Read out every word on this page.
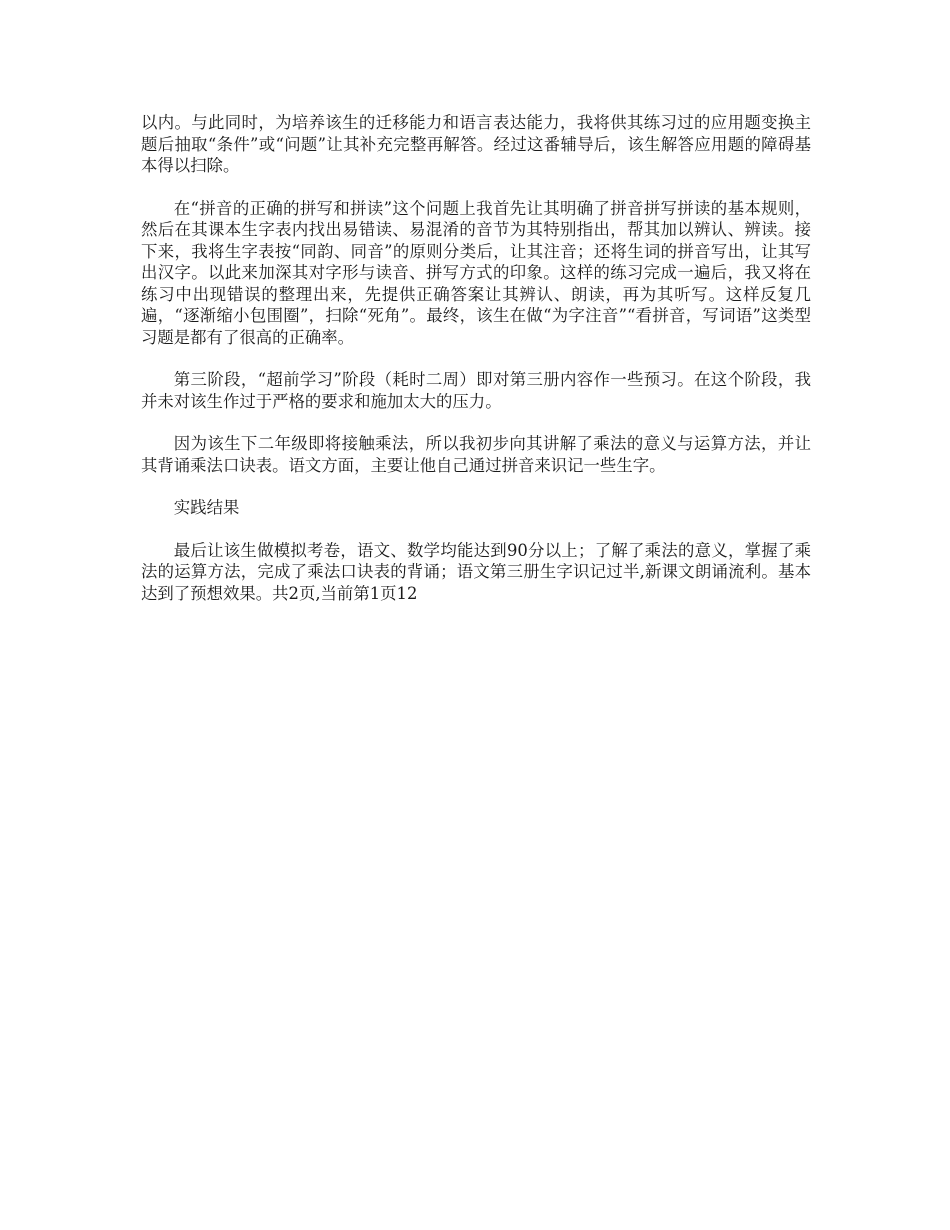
以内。与此同时，为培养该生的迁移能力和语言表达能力，我将供其练习过的应用题变换主题后抽取“条件”或“问题”让其补充完整再解答。经过这番辅导后，该生解答应用题的障碍基本得以扫除。

在“拼音的正确的拼写和拼读”这个问题上我首先让其明确了拼音拼写拼读的基本规则，然后在其课本生字表内找出易错读、易混淆的音节为其特别指出，帮其加以辨认、辨读。接下来，我将生字表按“同韵、同音”的原则分类后，让其注音；还将生词的拼音写出，让其写出汉字。以此来加深其对字形与读音、拼写方式的印象。这样的练习完成一遍后，我又将在练习中出现错误的整理出来，先提供正确答案让其辨认、朗读，再为其听写。这样反复几遍，“逐渐缩小包围圈”，扫除“死角”。最终，该生在做“为字注音”“看拼音，写词语”这类型习题是都有了很高的正确率。

第三阶段，“超前学习”阶段（耗时二周）即对第三册内容作一些预习。在这个阶段，我并未对该生作过于严格的要求和施加太大的压力。

因为该生下二年级即将接触乘法，所以我初步向其讲解了乘法的意义与运算方法，并让其背诵乘法口诀表。语文方面，主要让他自己通过拼音来识记一些生字。

实践结果

最后让该生做模拟考卷，语文、数学均能达到90分以上；了解了乘法的意义，掌握了乘法的运算方法，完成了乘法口诀表的背诵；语文第三册生字识记过半,新课文朗诵流利。基本达到了预想效果。共2页,当前第1页12
